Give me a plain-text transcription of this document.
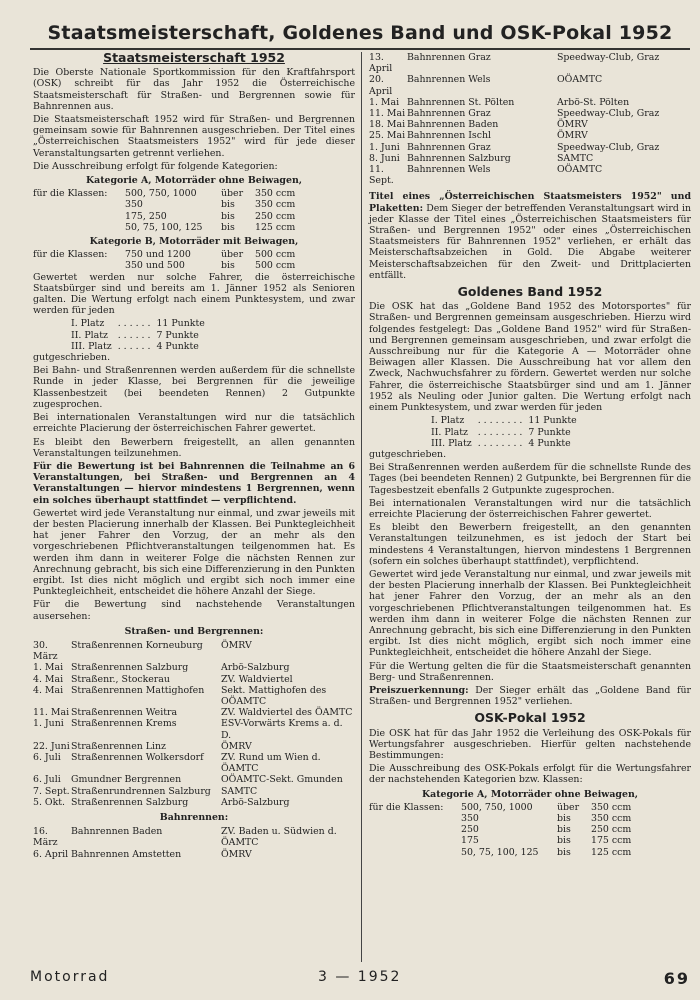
Staatsmeisterschaft, Goldenes Band und OSK-Pokal 1952
Staatsmeisterschaft 1952

Die Oberste Nationale Sportkommission für den Kraftfahrsport (OSK) schreibt für das Jahr 1952 die Österreichische Staatsmeisterschaft für Straßen- und Bergrennen sowie für Bahnrennen aus.

Die Staatsmeisterschaft 1952 wird für Straßen- und Bergrennen gemeinsam sowie für Bahnrennen ausgeschrieben. Der Titel eines „Österreichischen Staatsmeisters 1952" wird für jede dieser Veranstaltungsarten getrennt verliehen.

Die Ausschreibung erfolgt für folgende Kategorien:

Kategorie A, Motorräder ohne Beiwagen,
für die Klassen:	500, 750, 1000	über	350 ccm
	350	bis	350 ccm
	175, 250	bis	250 ccm
	50, 75, 100, 125	bis	125 ccm
Kategorie B, Motorräder mit Beiwagen,
für die Klassen:	750 und 1200	über	500 ccm
	350 und 500	bis	500 ccm

Gewertet werden nur solche Fahrer, die österreichische Staatsbürger sind und bereits am 1. Jänner 1952 als Senioren galten. Die Wertung erfolgt nach einem Punktesystem, und zwar werden für jeden

I. Platz	. . . . . .	11 Punkte
II. Platz	. . . . . .	7 Punkte
III. Platz	. . . . . .	4 Punkte

gutgeschrieben.

Bei Bahn- und Straßenrennen werden außerdem für die schnellste Runde in jeder Klasse, bei Bergrennen für die jeweilige Klassenbestzeit (bei beendeten Rennen) 2 Gutpunkte zugesprochen.

Bei internationalen Veranstaltungen wird nur die tatsächlich erreichte Placierung der österreichischen Fahrer gewertet.

Es bleibt den Bewerbern freigestellt, an allen genannten Veranstaltungen teilzunehmen.

Für die Bewertung ist bei Bahnrennen die Teilnahme an 6 Veranstaltungen, bei Straßen- und Bergrennen an 4 Veranstaltungen — hiervor mindestens 1 Bergrennen, wenn ein solches überhaupt stattfindet — verpflichtend.

Gewertet wird jede Veranstaltung nur einmal, und zwar jeweils mit der besten Placierung innerhalb der Klassen. Bei Punktegleichheit hat jener Fahrer den Vorzug, der an mehr als den vorgeschriebenen Pflichtveranstaltungen teilgenommen hat. Es werden ihm dann in weiterer Folge die nächsten Rennen zur Anrechnung gebracht, bis sich eine Differenzierung in den Punkten ergibt. Ist dies nicht möglich und ergibt sich noch immer eine Punktegleichheit, entscheidet die höhere Anzahl der Siege.

Für die Bewertung sind nachstehende Veranstaltungen ausersehen:

Straßen- und Bergrennen:
30. März	Straßenrennen Korneuburg	ÖMRV
1. Mai	Straßenrennen Salzburg	Arbö-Salzburg
4. Mai	Straßenr., Stockerau	ZV. Waldviertel
4. Mai	Straßenrennen Mattighofen	Sekt. Mattighofen des OÖAMTC
11. Mai	Straßenrennen Weitra	ZV. Waldviertel des ÖAMTC
1. Juni	Straßenrennen Krems	ESV-Vorwärts Krems a. d. D.
22. Juni	Straßenrennen Linz	ÖMRV
6. Juli	Straßenrennen Wolkersdorf	ZV. Rund um Wien d. ÖAMTC
6. Juli	Gmundner Bergrennen	OÖAMTC-Sekt. Gmunden
7. Sept.	Straßenrundrennen Salzburg	SAMTC
5. Okt.	Straßenrennen Salzburg	Arbö-Salzburg
Bahnrennen:
16. März	Bahnrennen Baden	ZV. Baden u. Südwien d. ÖAMTC
6. April	Bahnrennen Amstetten	ÖMRV
13. April	Bahnrennen Graz	Speedway-Club, Graz
20. April	Bahnrennen Wels	OÖAMTC
1. Mai	Bahnrennen St. Pölten	Arbö-St. Pölten
11. Mai	Bahnrennen Graz	Speedway-Club, Graz
18. Mai	Bahnrennen Baden	ÖMRV
25. Mai	Bahnrennen Ischl	ÖMRV
1. Juni	Bahnrennen Graz	Speedway-Club, Graz
8. Juni	Bahnrennen Salzburg	SAMTC
11. Sept.	Bahnrennen Wels	OÖAMTC

Titel eines „Österreichischen Staatsmeisters 1952" und Plaketten: Dem Sieger der betreffenden Veranstaltungsart wird in jeder Klasse der Titel eines „Österreichischen Staatsmeisters für Straßen- und Bergrennen 1952" oder eines „Österreichischen Staatsmeisters für Bahnrennen 1952" verliehen, er erhält das Meisterschaftsabzeichen in Gold. Die Abgabe weiterer Meisterschaftsabzeichen für den Zweit- und Drittplacierten entfällt.

Goldenes Band 1952

Die OSK hat das „Goldene Band 1952 des Motorsportes" für Straßen- und Bergrennen gemeinsam ausgeschrieben. Hierzu wird folgendes festgelegt: Das „Goldene Band 1952" wird für Straßen- und Bergrennen gemeinsam ausgeschrieben, und zwar erfolgt die Ausschreibung nur für die Kategorie A — Motorräder ohne Beiwagen aller Klassen. Die Ausschreibung hat vor allem den Zweck, Nachwuchsfahrer zu fördern. Gewertet werden nur solche Fahrer, die österreichische Staatsbürger sind und am 1. Jänner 1952 als Neuling oder Junior galten. Die Wertung erfolgt nach einem Punktesystem, und zwar werden für jeden

I. Platz	. . . . . . . .	11 Punkte
II. Platz	. . . . . . . .	7 Punkte
III. Platz	. . . . . . . .	4 Punkte

gutgeschrieben.

Bei Straßenrennen werden außerdem für die schnellste Runde des Tages (bei beendeten Rennen) 2 Gutpunkte, bei Bergrennen für die Tagesbestzeit ebenfalls 2 Gutpunkte zugesprochen.

Bei internationalen Veranstaltungen wird nur die tatsächlich erreichte Placierung der österreichischen Fahrer gewertet.

Es bleibt den Bewerbern freigestellt, an den genannten Veranstaltungen teilzunehmen, es ist jedoch der Start bei mindestens 4 Veranstaltungen, hiervon mindestens 1 Bergrennen (sofern ein solches überhaupt stattfindet), verpflichtend.

Gewertet wird jede Veranstaltung nur einmal, und zwar jeweils mit der besten Placierung innerhalb der Klassen. Bei Punktegleichheit hat jener Fahrer den Vorzug, der an mehr als an den vorgeschriebenen Pflichtveranstaltungen teilgenommen hat. Es werden ihm dann in weiterer Folge die nächsten Rennen zur Anrechnung gebracht, bis sich eine Differenzierung in den Punkten ergibt. Ist dies nicht möglich, ergibt sich noch immer eine Punktegleichheit, entscheidet die höhere Anzahl der Siege.

Für die Wertung gelten die für die Staatsmeisterschaft genannten Berg- und Straßenrennen.

Preiszuerkennung: Der Sieger erhält das „Goldene Band für Straßen- und Bergrennen 1952" verliehen.

OSK-Pokal 1952

Die OSK hat für das Jahr 1952 die Verleihung des OSK-Pokals für Wertungsfahrer ausgeschrieben. Hierfür gelten nachstehende Bestimmungen:

Die Ausschreibung des OSK-Pokals erfolgt für die Wertungsfahrer der nachstehenden Kategorien bzw. Klassen:

Kategorie A, Motorräder ohne Beiwagen,
für die Klassen:	500, 750, 1000	über	350 ccm
	350	bis	350 ccm
	250	bis	250 ccm
	175	bis	175 ccm
	50, 75, 100, 125	bis	125 ccm
Motorrad	3 — 1952	69
